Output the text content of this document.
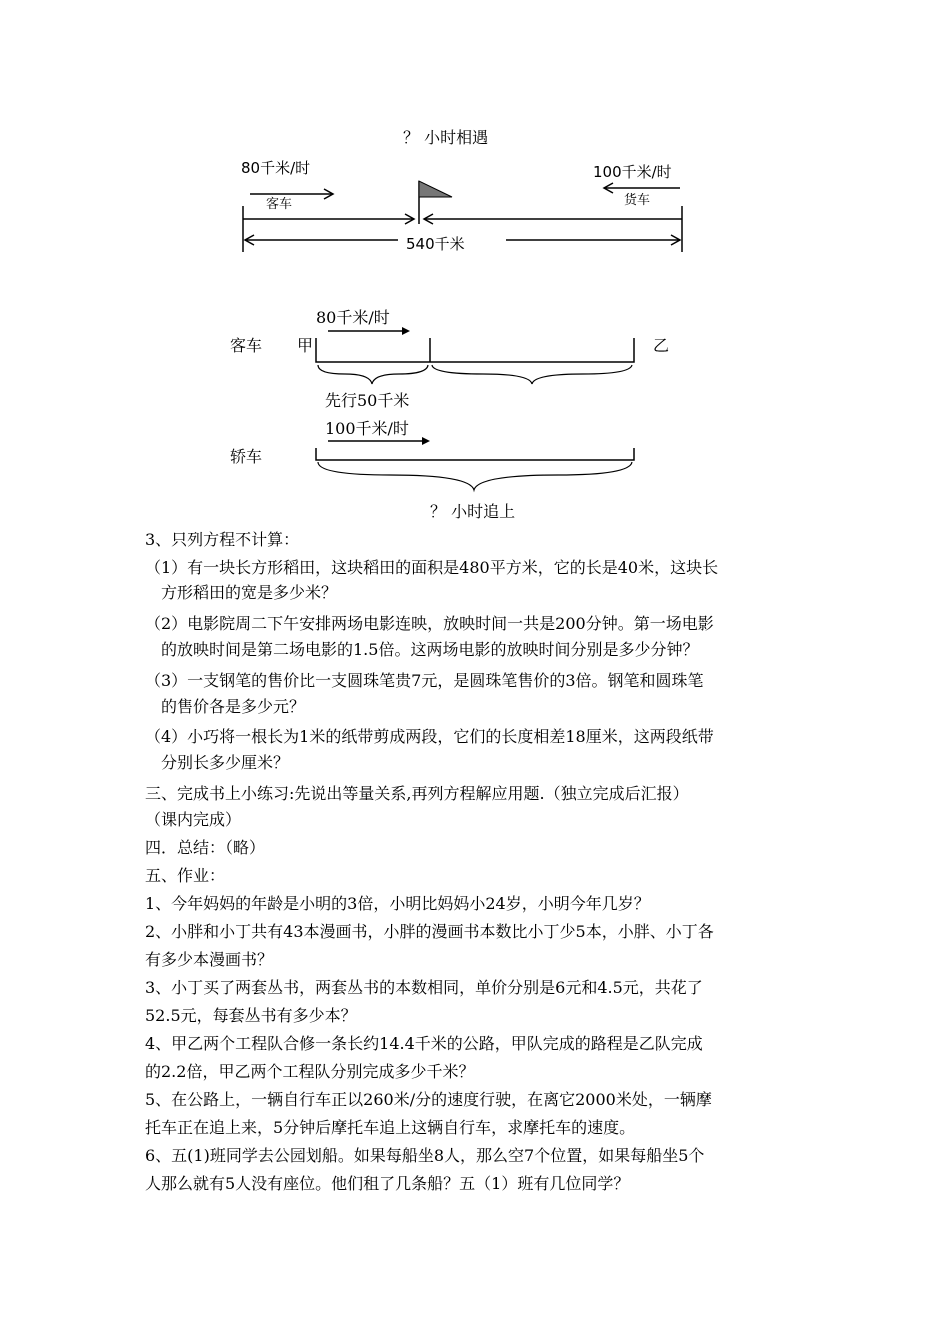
？ 小时相遇
80千米/时
客车
100千米/时
货车
540千米
80千米/时
客车 甲	乙
先行50千米
100千米/时
轿车
？ 小时追上
3、只列方程不计算：
（1）有一块长方形稻田，这块稻田的面积是480平方米，它的长是40米，这块长
　方形稻田的宽是多少米？
（2）电影院周二下午安排两场电影连映，放映时间一共是200分钟。第一场电影
　的放映时间是第二场电影的1.5倍。这两场电影的放映时间分别是多少分钟？
（3）一支钢笔的售价比一支圆珠笔贵7元，是圆珠笔售价的3倍。钢笔和圆珠笔
　的售价各是多少元？
（4）小巧将一根长为1米的纸带剪成两段，它们的长度相差18厘米，这两段纸带
　分别长多少厘米？
三、完成书上小练习:先说出等量关系,再列方程解应用题.（独立完成后汇报）
（课内完成）
四．总结：（略）
五、作业：
1、今年妈妈的年龄是小明的3倍，小明比妈妈小24岁，小明今年几岁？
2、小胖和小丁共有43本漫画书，小胖的漫画书本数比小丁少5本，小胖、小丁各
有多少本漫画书？
3、小丁买了两套丛书，两套丛书的本数相同，单价分别是6元和4.5元，共花了
52.5元，每套丛书有多少本？
4、甲乙两个工程队合修一条长约14.4千米的公路，甲队完成的路程是乙队完成
的2.2倍，甲乙两个工程队分别完成多少千米？
5、在公路上，一辆自行车正以260米/分的速度行驶，在离它2000米处，一辆摩
托车正在追上来，5分钟后摩托车追上这辆自行车，求摩托车的速度。
6、五(1)班同学去公园划船。如果每船坐8人，那么空7个位置，如果每船坐5个
人那么就有5人没有座位。他们租了几条船？五（1）班有几位同学？
